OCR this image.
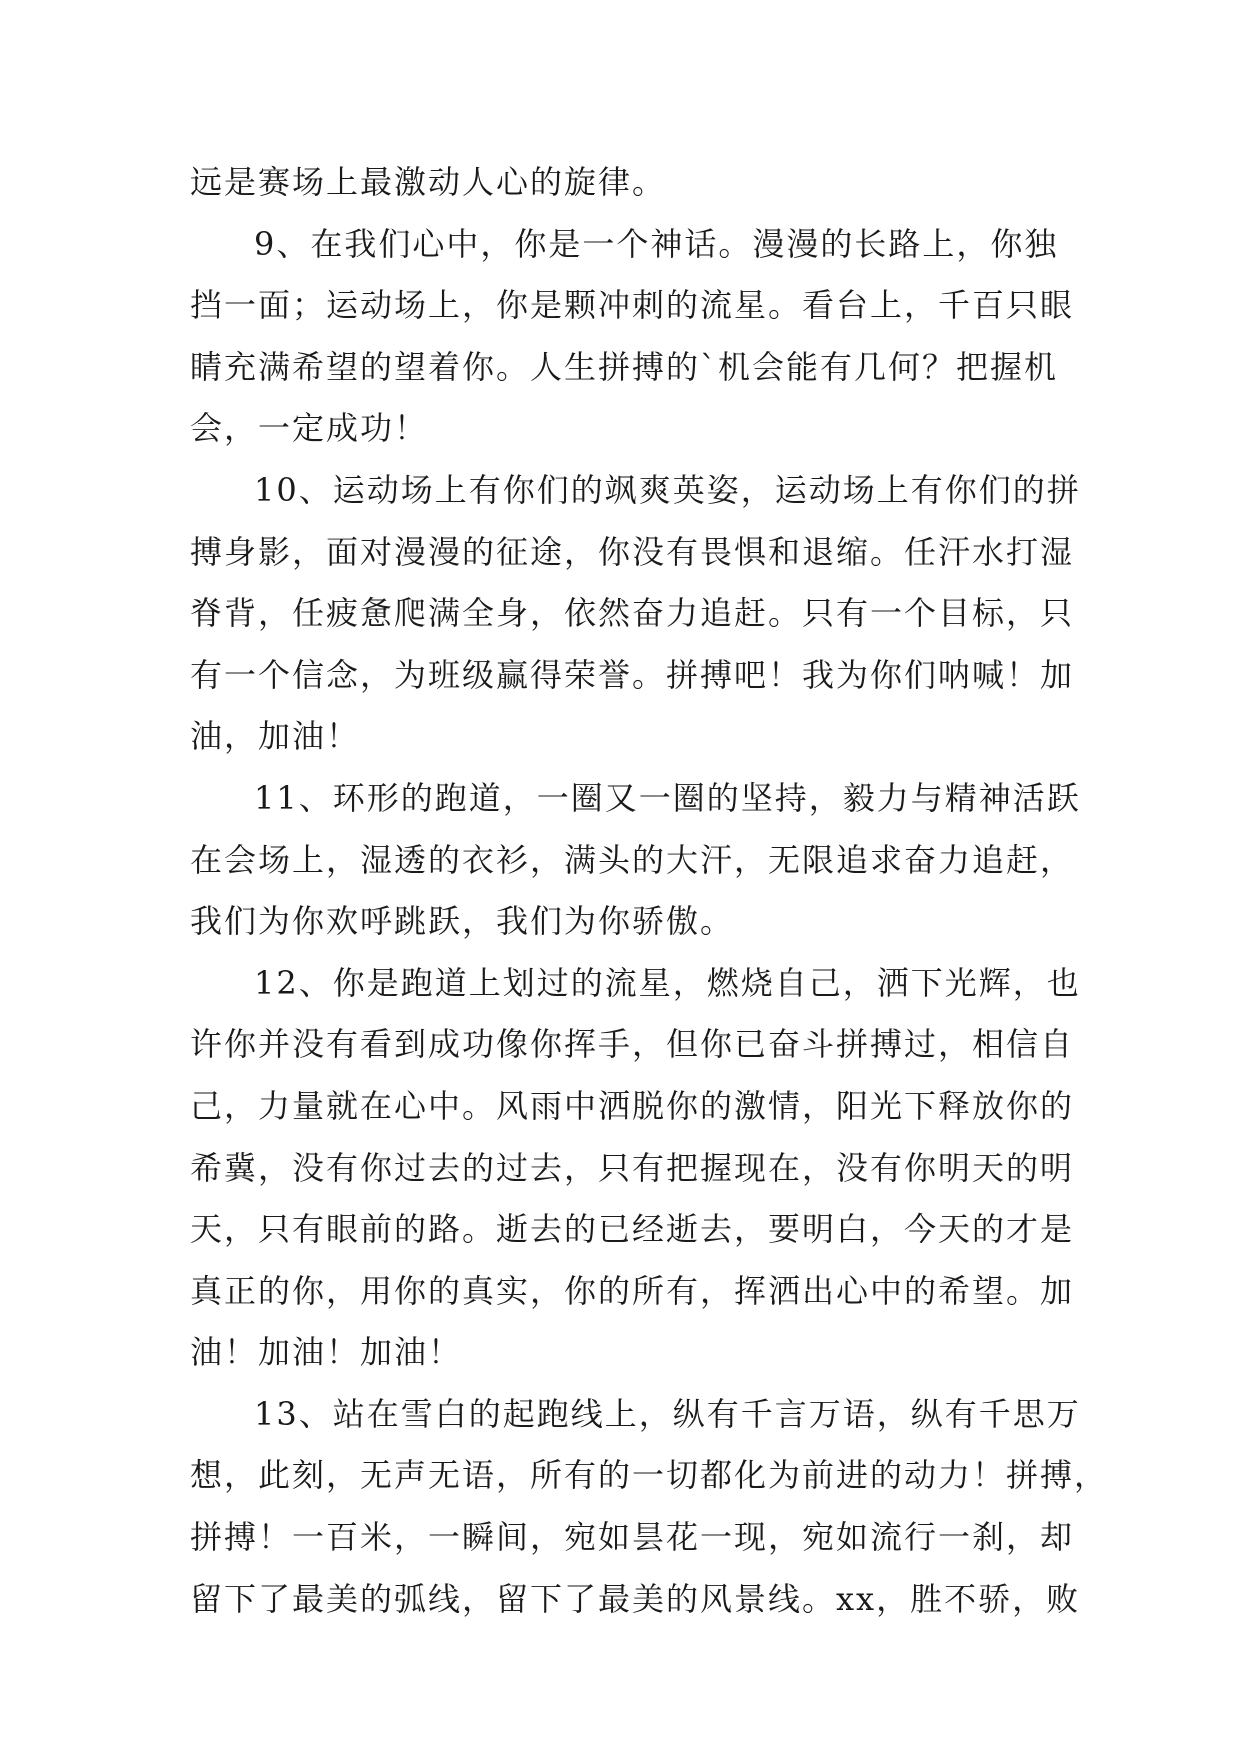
远是赛场上最激动人心的旋律。
9、在我们心中，你是一个神话。漫漫的长路上，你独
挡一面；运动场上，你是颗冲刺的流星。看台上，千百只眼
睛充满希望的望着你。人生拼搏的`机会能有几何？把握机
会，一定成功！
10、运动场上有你们的飒爽英姿，运动场上有你们的拼
搏身影，面对漫漫的征途，你没有畏惧和退缩。任汗水打湿
脊背，任疲惫爬满全身，依然奋力追赶。只有一个目标，只
有一个信念，为班级赢得荣誉。拼搏吧！我为你们呐喊！加
油，加油！
11、环形的跑道，一圈又一圈的坚持，毅力与精神活跃
在会场上，湿透的衣衫，满头的大汗，无限追求奋力追赶，
我们为你欢呼跳跃，我们为你骄傲。
12、你是跑道上划过的流星，燃烧自己，洒下光辉，也
许你并没有看到成功像你挥手，但你已奋斗拼搏过，相信自
己，力量就在心中。风雨中洒脱你的激情，阳光下释放你的
希冀，没有你过去的过去，只有把握现在，没有你明天的明
天，只有眼前的路。逝去的已经逝去，要明白，今天的才是
真正的你，用你的真实，你的所有，挥洒出心中的希望。加
油！加油！加油！
13、站在雪白的起跑线上，纵有千言万语，纵有千思万
想，此刻，无声无语，所有的一切都化为前进的动力！拼搏，
拼搏！一百米，一瞬间，宛如昙花一现，宛如流行一刹，却
留下了最美的弧线，留下了最美的风景线。xx，胜不骄，败
